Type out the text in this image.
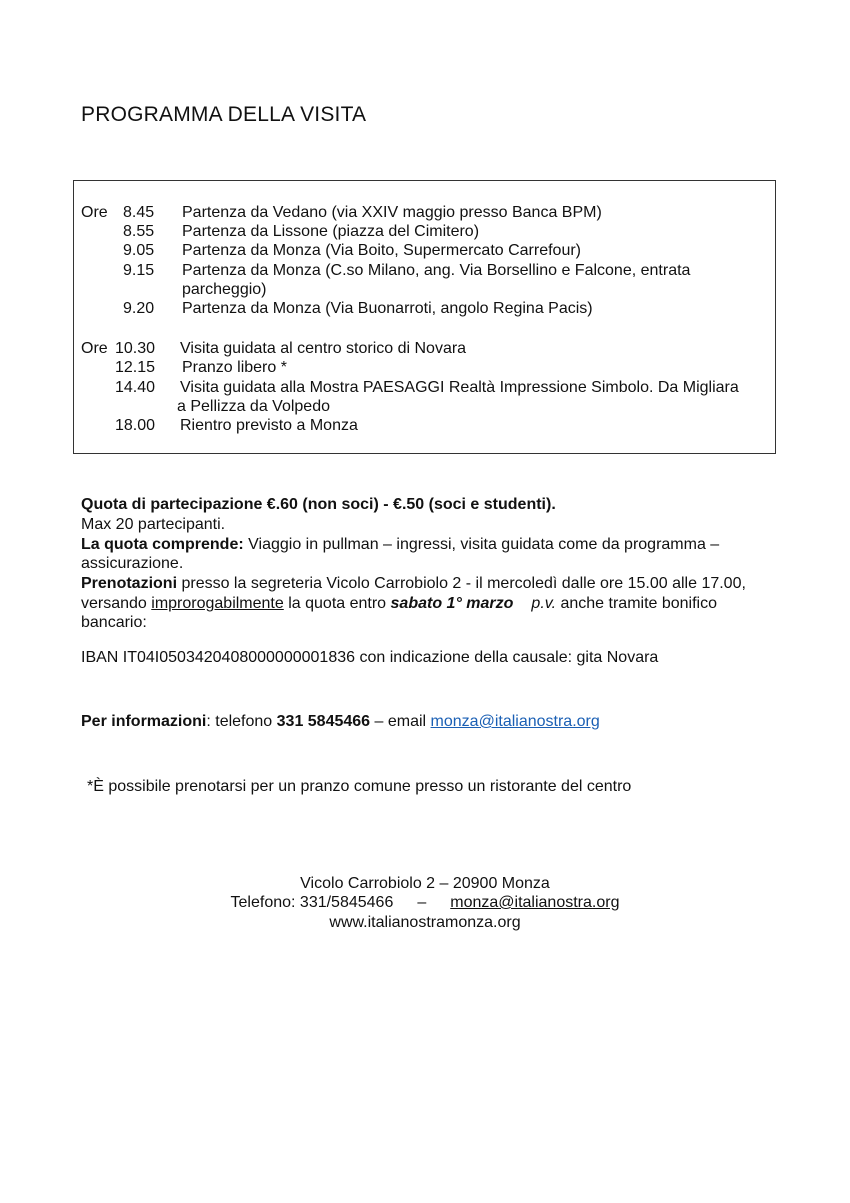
PROGRAMMA DELLA VISITA
Ore 8.45 Partenza da Vedano (via XXIV maggio presso Banca BPM)
8.55 Partenza da Lissone (piazza del Cimitero)
9.05 Partenza da Monza (Via Boito, Supermercato Carrefour)
9.15 Partenza da Monza (C.so Milano, ang. Via Borsellino e Falcone, entrata
parcheggio)
9.20 Partenza da Monza (Via Buonarroti, angolo Regina Pacis)
Ore 10.30 Visita guidata al centro storico di Novara
12.15 Pranzo libero *
14.40 Visita guidata alla Mostra PAESAGGI Realtà Impressione Simbolo. Da Migliara
a Pellizza da Volpedo
18.00 Rientro previsto a Monza
Quota di partecipazione €.60 (non soci) - €.50 (soci e studenti).
Max 20 partecipanti.
La quota comprende: Viaggio in pullman – ingressi, visita guidata come da programma –
assicurazione.
Prenotazioni presso la segreteria Vicolo Carrobiolo 2 - il mercoledì dalle ore 15.00 alle 17.00,
versando improrogabilmente la quota entro sabato 1° marzo p.v. anche tramite bonifico
bancario:
IBAN IT04I0503420408000000001836 con indicazione della causale: gita Novara
Per informazioni: telefono 331 5845466 – email monza@italianostra.org
*È possibile prenotarsi per un pranzo comune presso un ristorante del centro
Vicolo Carrobiolo 2 – 20900 Monza
Telefono: 331/5845466 – monza@italianostra.org
www.italianostramonza.org
